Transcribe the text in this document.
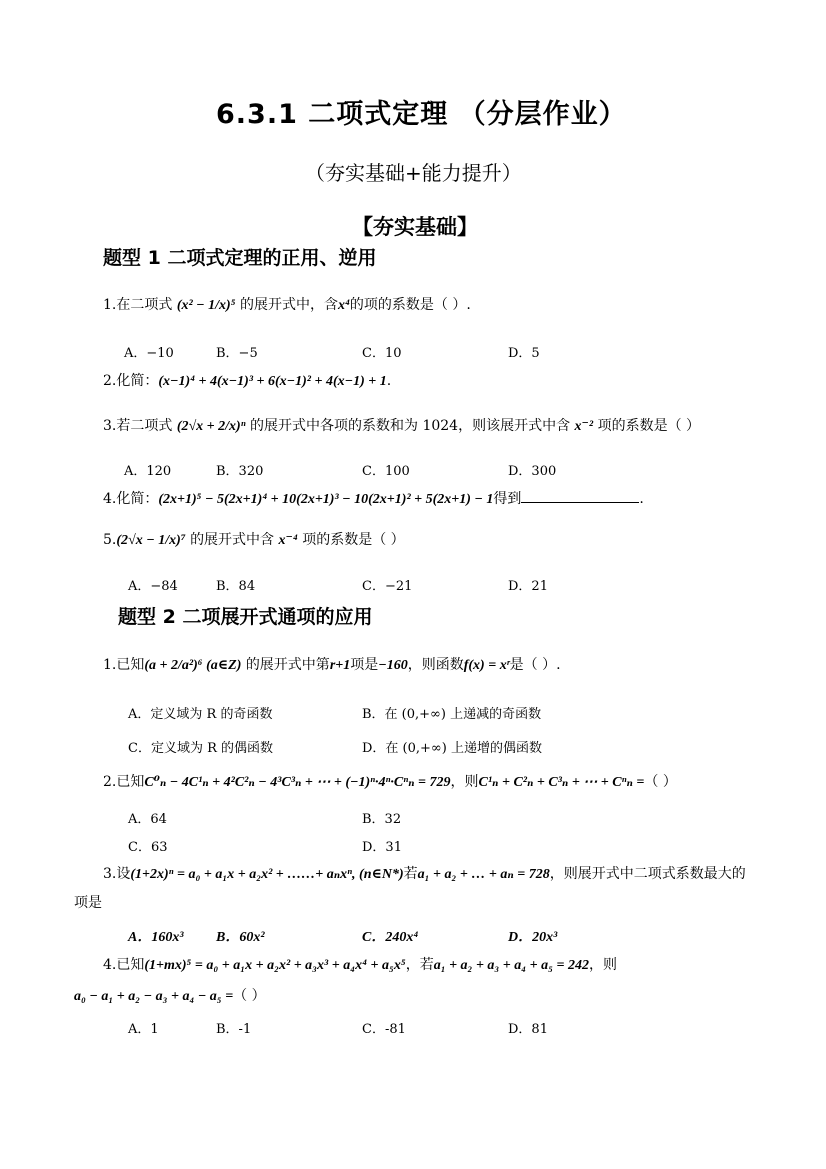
6.3.1 二项式定理 （分层作业）
（夯实基础+能力提升）
【夯实基础】
题型 1 二项式定理的正用、逆用
1.在二项式 (x² − 1/x)⁵ 的展开式中，含x⁴的项的系数是（ ）.
A．−10	B．−5	C．10	D．5
2.化简：(x−1)⁴ + 4(x−1)³ + 6(x−1)² + 4(x−1) + 1.
3.若二项式 (2√x + 2/x)ⁿ 的展开式中各项的系数和为 1024，则该展开式中含 x⁻² 项的系数是（ ）
A．120	B．320	C．100	D．300
4.化简：(2x+1)⁵ − 5(2x+1)⁴ + 10(2x+1)³ − 10(2x+1)² + 5(2x+1) − 1得到	.
5.(2√x − 1/x)⁷ 的展开式中含 x⁻⁴ 项的系数是（ ）
A．−84	B．84	C．−21	D．21
题型 2 二项展开式通项的应用
1.已知(a + 2/a²)⁶ (a∈Z) 的展开式中第r+1项是−160，则函数f(x) = xʳ是（ ）.
A．定义域为 R 的奇函数	B．在 (0,+∞) 上递减的奇函数
C．定义域为 R 的偶函数	D．在 (0,+∞) 上递增的偶函数
2.已知C⁰ₙ − 4C¹ₙ + 4²C²ₙ − 4³C³ₙ + ⋯ + (−1)ⁿ·4ⁿ·Cⁿₙ = 729，则C¹ₙ + C²ₙ + C³ₙ + ⋯ + Cⁿₙ =（ ）
A．64	B．32
C．63	D．31
3.设(1+2x)ⁿ = a₀ + a₁x + a₂x² + ……+ aₙxⁿ, (n∈N*)若a₁ + a₂ + … + aₙ = 728，则展开式中二项式系数最大的
项是
A．160x³ B．60x²	C．240x⁴	D．20x³
4.已知(1+mx)⁵ = a₀ + a₁x + a₂x² + a₃x³ + a₄x⁴ + a₅x⁵，若a₁ + a₂ + a₃ + a₄ + a₅ = 242，则
a₀ − a₁ + a₂ − a₃ + a₄ − a₅ =（ ）
A．1	B．-1	C．-81	D．81
